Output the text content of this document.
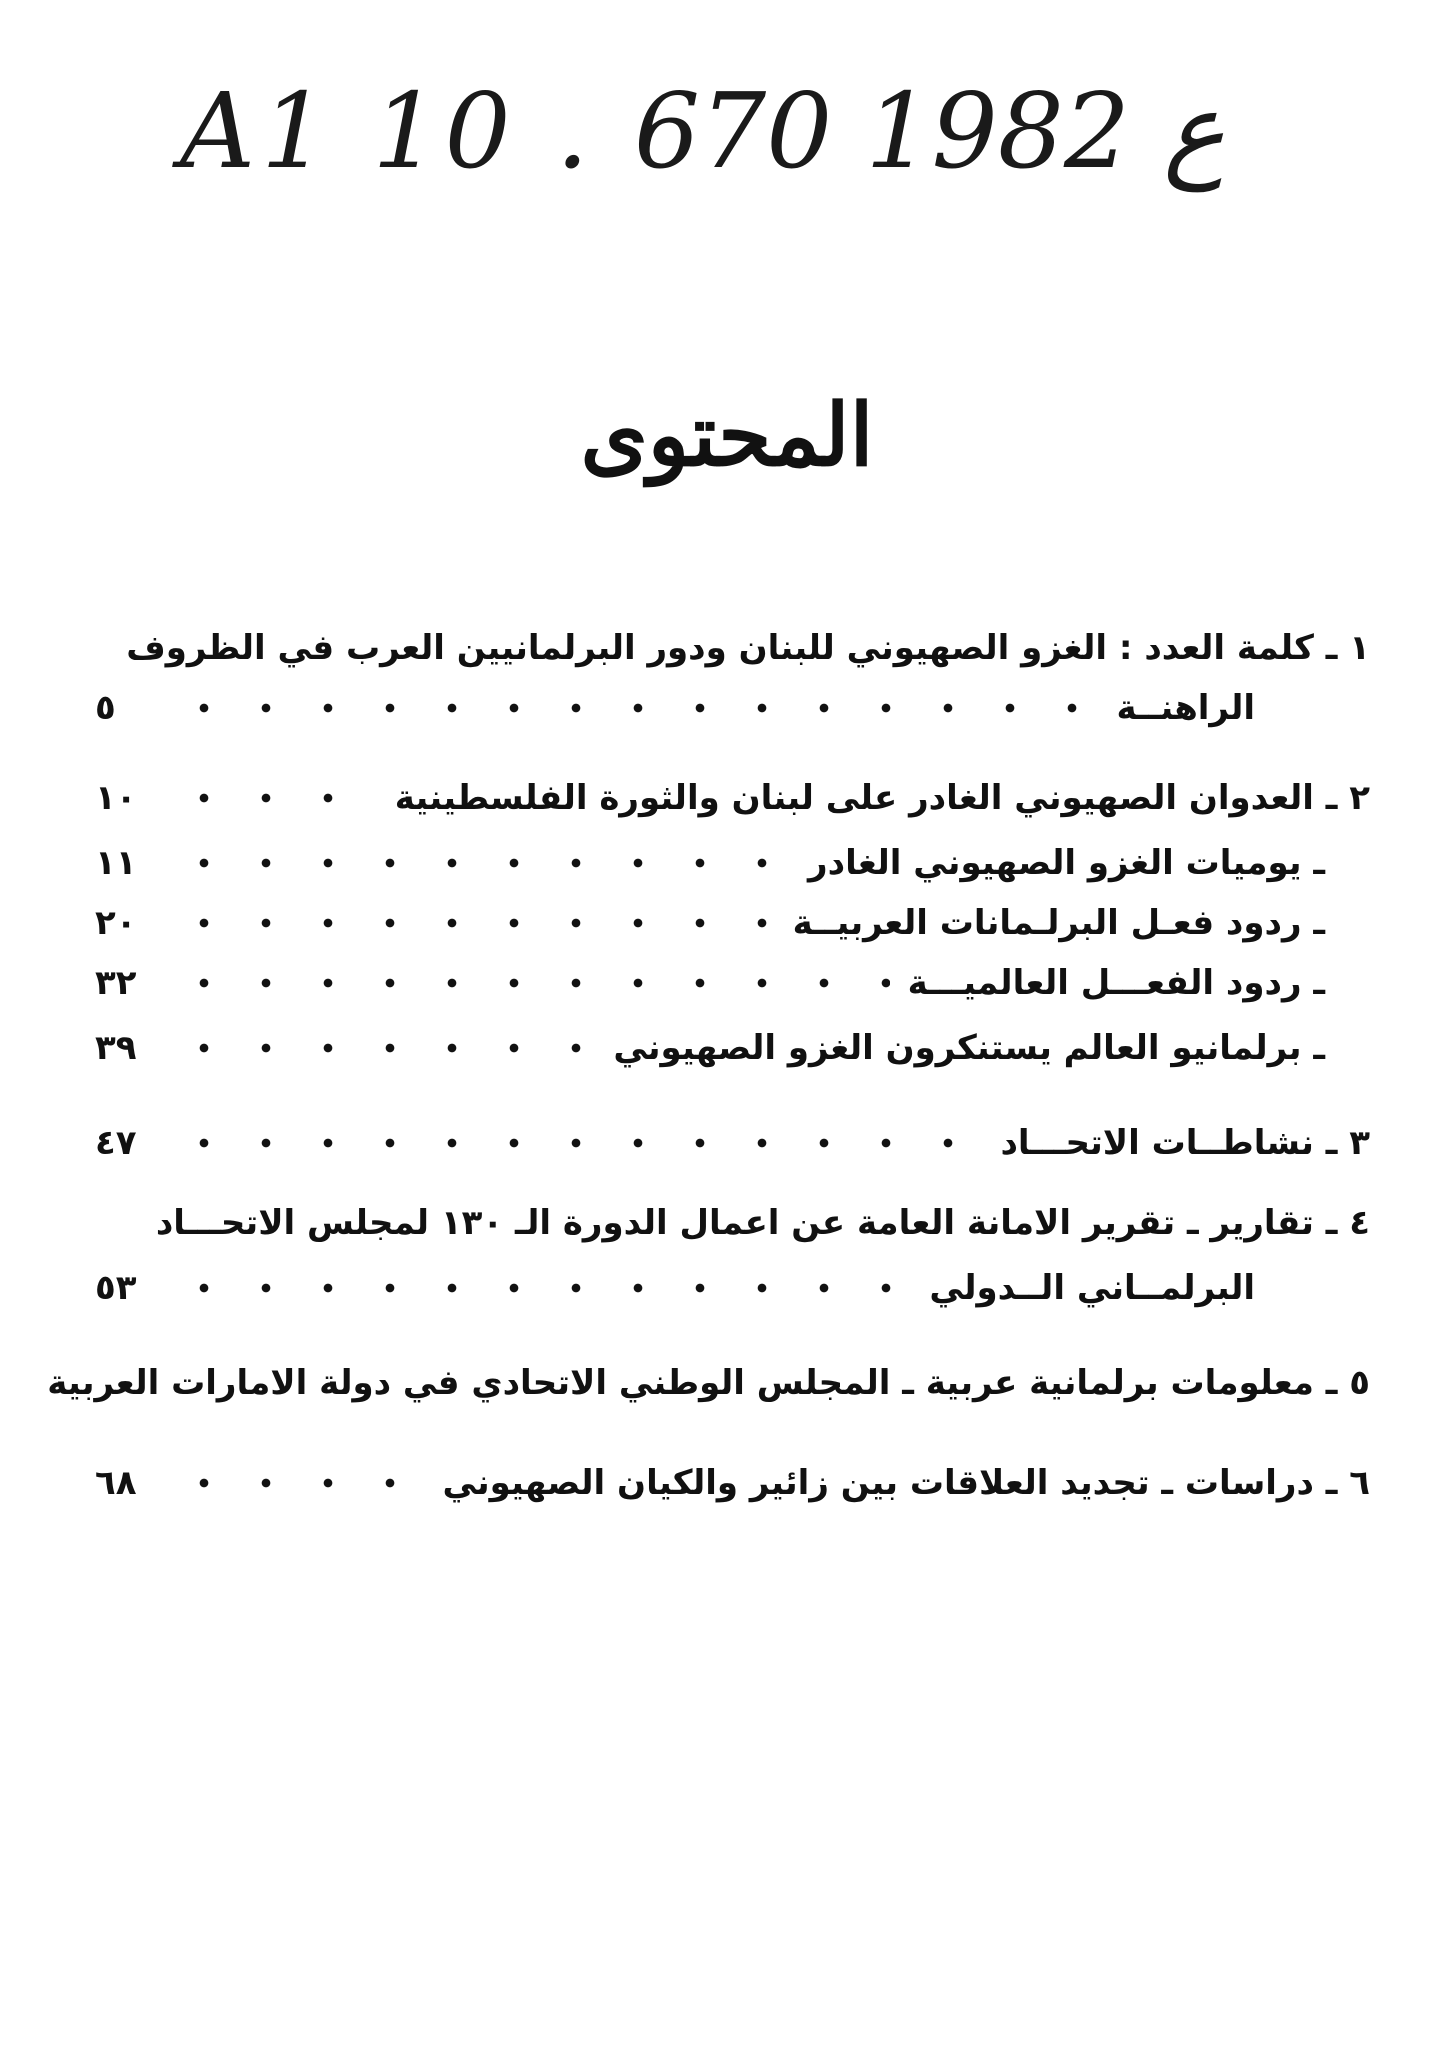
A1 10 . ع 1982 670
المحتوى
١ ـ كلمة العدد : الغزو الصهيوني للبنان ودور البرلمانيين العرب في الظروف
الراهنــة
٥
٢ ـ العدوان الصهيوني الغادر على لبنان والثورة الفلسطينية
١٠
ـ يوميات الغزو الصهيوني الغادر
١١
ـ ردود فعـل البرلـمانات العربيــة
٢٠
ـ ردود الفعـــل العالميـــة
٣٢
ـ برلمانيو العالم يستنكرون الغزو الصهيوني
٣٩
٣ ـ نشاطــات الاتحـــاد
٤٧
٤ ـ تقارير ـ تقرير الامانة العامة عن اعمال الدورة الـ ١٣٠ لمجلس الاتحـــاد
البرلمــاني الــدولي
٥٣
٥ ـ معلومات برلمانية عربية ـ المجلس الوطني الاتحادي في دولة الامارات العربية
٦ ـ دراسات ـ تجديد العلاقات بين زائير والكيان الصهيوني
٦٨
